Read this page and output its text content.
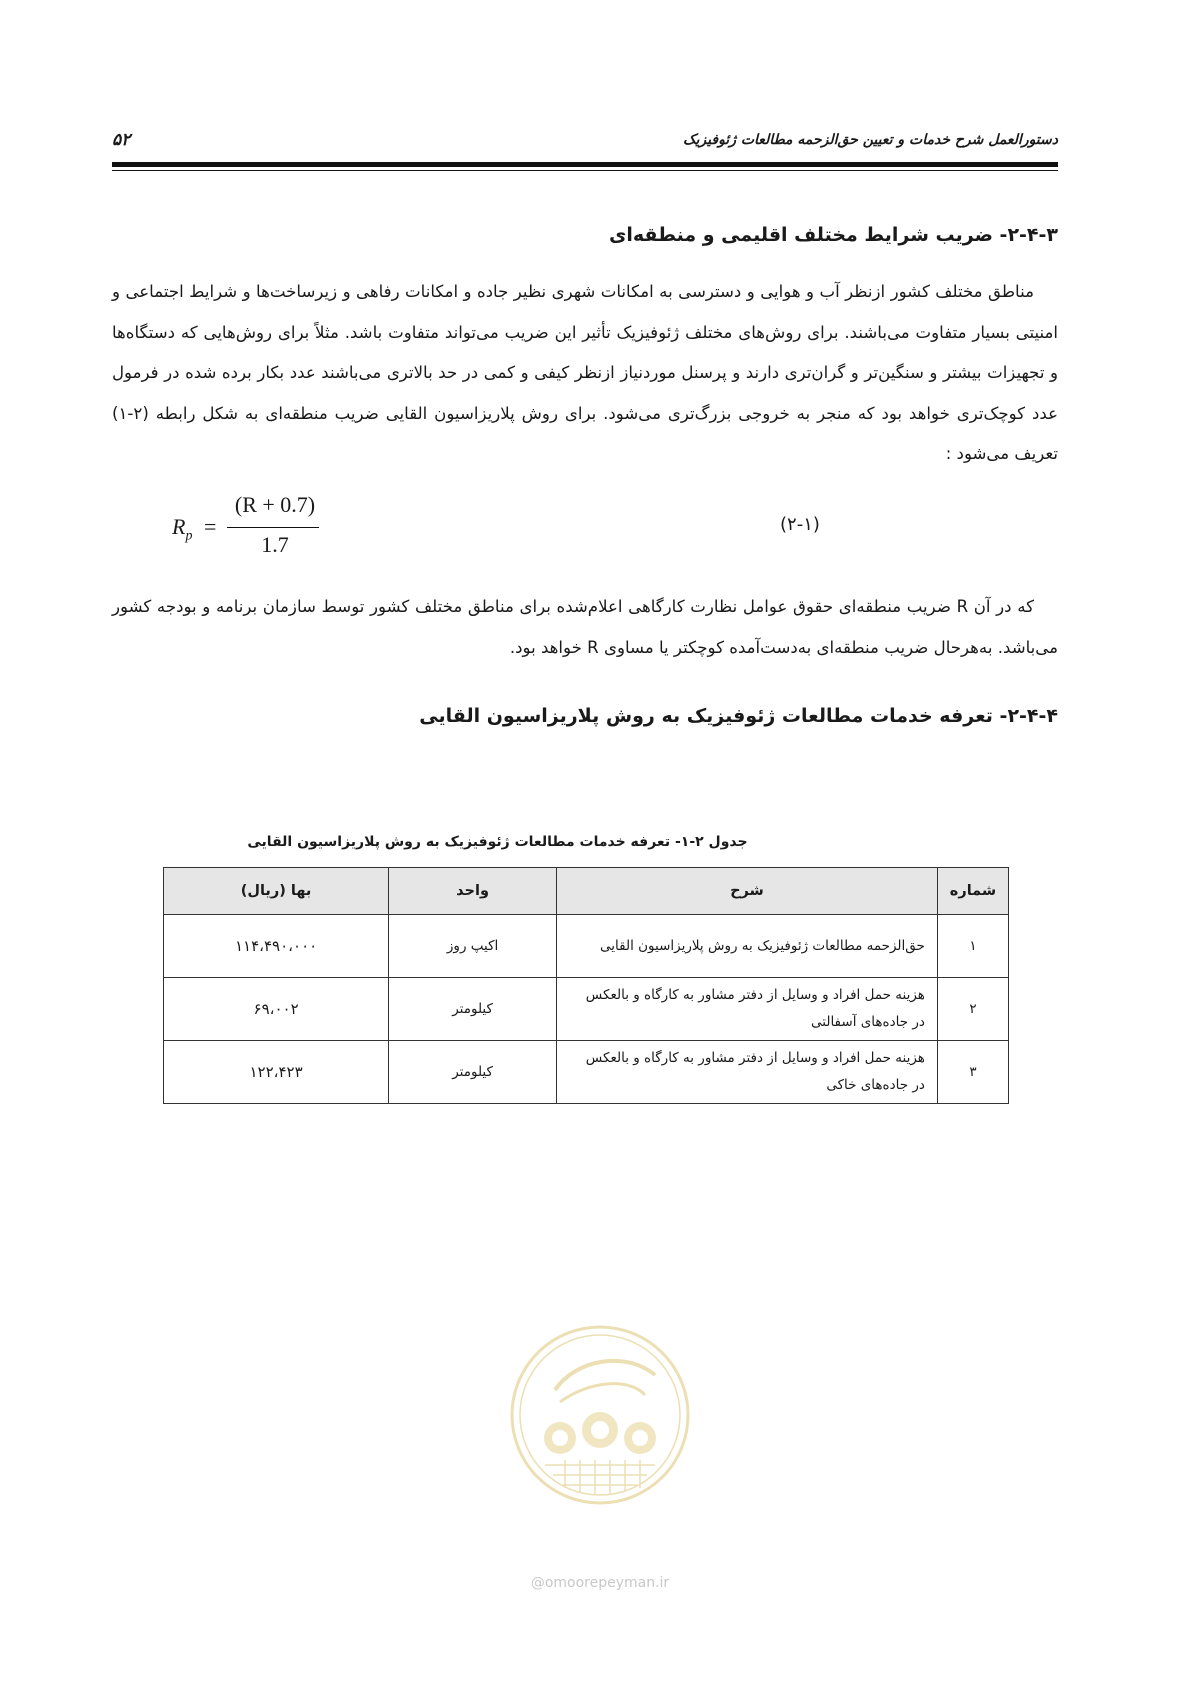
دستورالعمل شرح خدمات و تعیین حق‌الزحمه مطالعات ژئوفیزیک
۵۲
۲-۴-۳- ضریب شرایط مختلف اقلیمی و منطقه‌ای
مناطق مختلف کشور ازنظر آب و هوایی و دسترسی به امکانات شهری نظیر جاده و امکانات رفاهی و زیرساخت‌ها و شرایط اجتماعی و امنیتی بسیار متفاوت می‌باشند. برای روش‌های مختلف ژئوفیزیک تأثیر این ضریب می‌تواند متفاوت باشد. مثلاً برای روش‌هایی که دستگاه‌ها و تجهیزات بیشتر و سنگین‌تر و گران‌تری دارند و پرسنل موردنیاز ازنظر کیفی و کمی در حد بالاتری می‌باشند عدد بکار برده شده در فرمول عدد کوچک‌تری خواهد بود که منجر به خروجی بزرگ‌تری می‌شود. برای روش پلاریزاسیون القایی ضریب منطقه‌ای به شکل رابطه (۲-۱) تعریف می‌شود :
$R_p$ =
(R + 0.7)
1.7
(۲-۱)
که در آن R ضریب منطقه‌ای حقوق عوامل نظارت کارگاهی اعلام‌شده برای مناطق مختلف کشور توسط سازمان برنامه و بودجه کشور می‌باشد. به‌هرحال ضریب منطقه‌ای به‌دست‌آمده کوچکتر یا مساوی R خواهد بود.
۲-۴-۴- تعرفه خدمات مطالعات ژئوفیزیک به روش پلاریزاسیون القایی
جدول ۲-۱- تعرفه خدمات مطالعات ژئوفیزیک به روش پلاریزاسیون القایی
شماره	شرح	واحد	بها (ریال)
۱	حق‌الزحمه مطالعات ژئوفیزیک به روش پلاریزاسیون القایی	اکیپ روز	۱۱۴،۴۹۰،۰۰۰
۲	هزینه حمل افراد و وسایل از دفتر مشاور به کارگاه و بالعکس در جاده‌های آسفالتی	کیلومتر	۶۹،۰۰۲
۳	هزینه حمل افراد و وسایل از دفتر مشاور به کارگاه و بالعکس در جاده‌های خاکی	کیلومتر	۱۲۲،۴۲۳
@omoorepeyman.ir
